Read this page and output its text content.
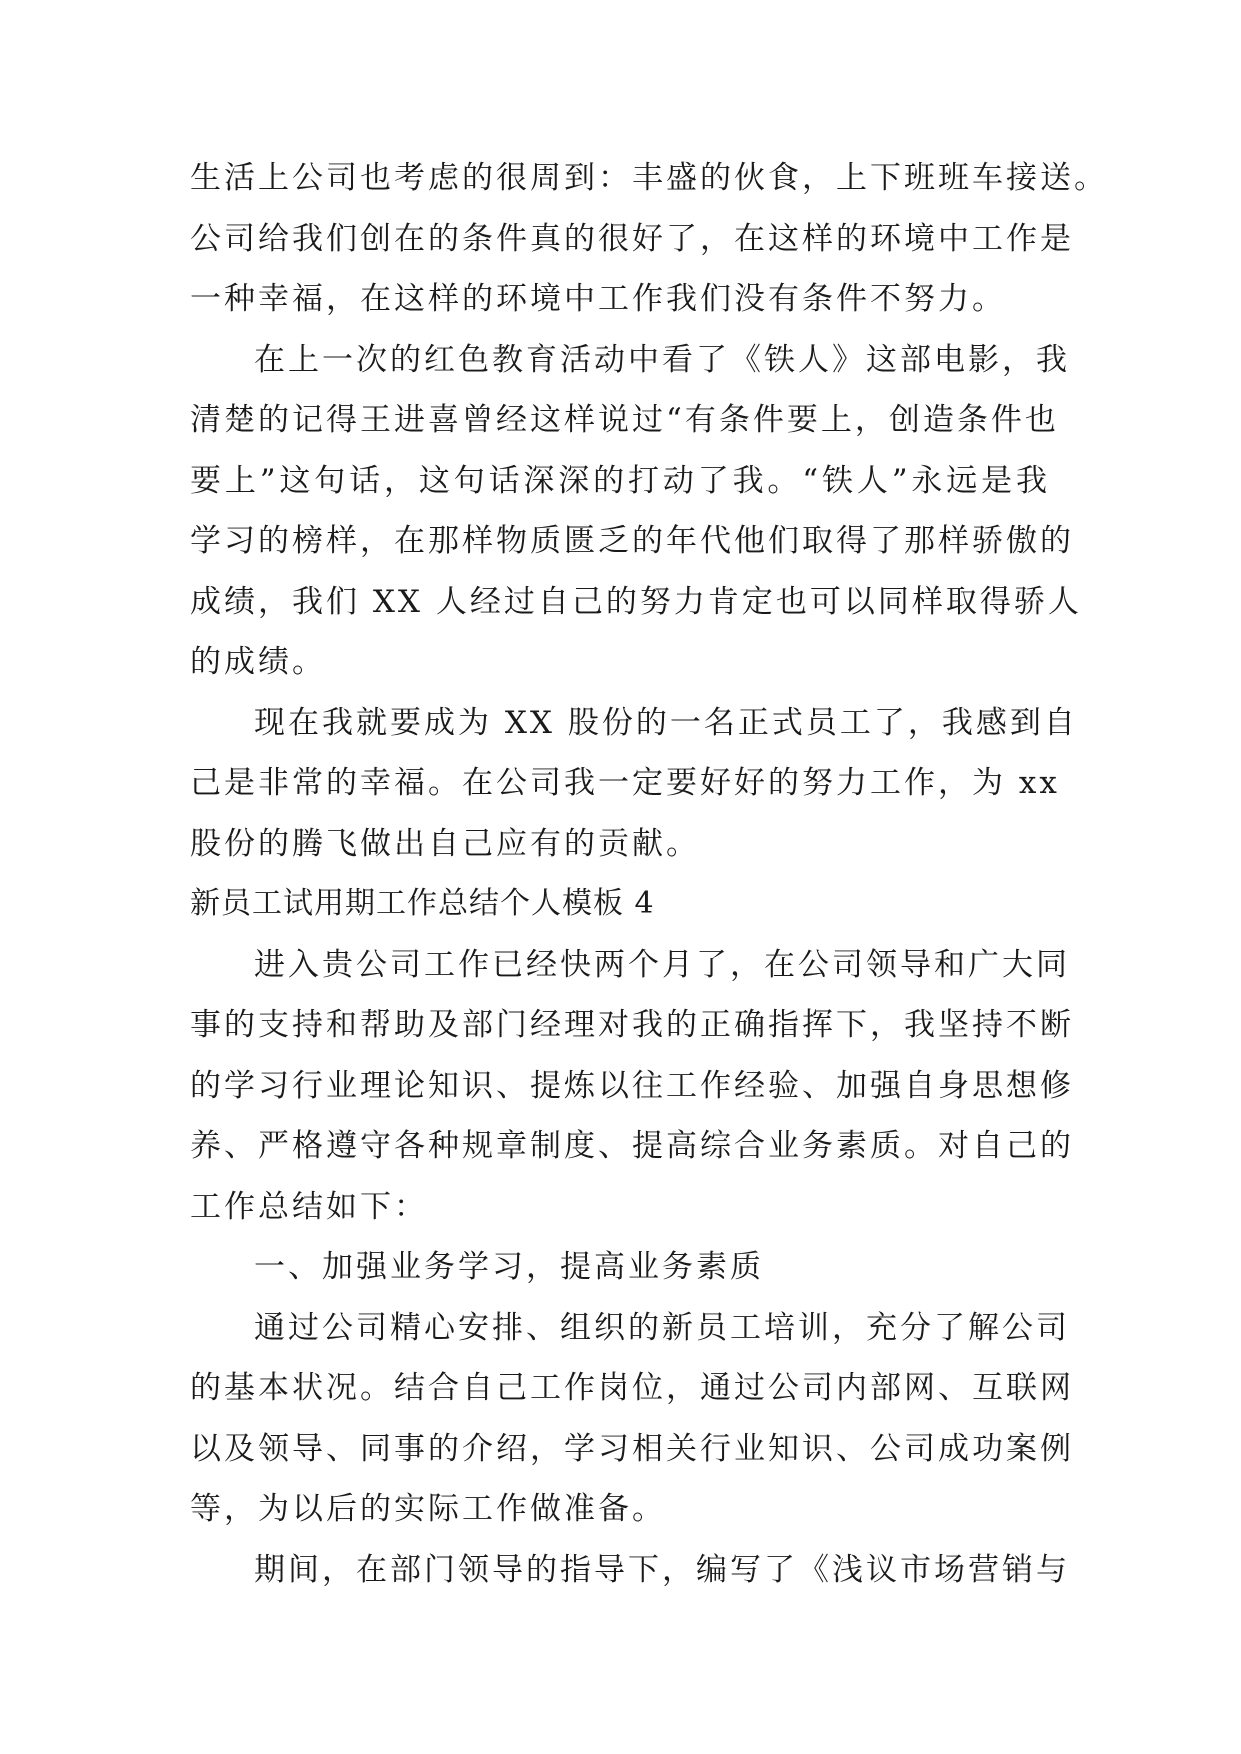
生活上公司也考虑的很周到：丰盛的伙食，上下班班车接送。
公司给我们创在的条件真的很好了，在这样的环境中工作是
一种幸福，在这样的环境中工作我们没有条件不努力。
在上一次的红色教育活动中看了《铁人》这部电影，我
清楚的记得王进喜曾经这样说过“有条件要上，创造条件也
要上”这句话，这句话深深的打动了我。“铁人”永远是我
学习的榜样，在那样物质匮乏的年代他们取得了那样骄傲的
成绩，我们 XX 人经过自己的努力肯定也可以同样取得骄人
的成绩。
现在我就要成为 XX 股份的一名正式员工了，我感到自
己是非常的幸福。在公司我一定要好好的努力工作，为 xx
股份的腾飞做出自己应有的贡献。
新员工试用期工作总结个人模板 4
进入贵公司工作已经快两个月了，在公司领导和广大同
事的支持和帮助及部门经理对我的正确指挥下，我坚持不断
的学习行业理论知识、提炼以往工作经验、加强自身思想修
养、严格遵守各种规章制度、提高综合业务素质。对自己的
工作总结如下：
一、加强业务学习，提高业务素质
通过公司精心安排、组织的新员工培训，充分了解公司
的基本状况。结合自己工作岗位，通过公司内部网、互联网
以及领导、同事的介绍，学习相关行业知识、公司成功案例
等，为以后的实际工作做准备。
期间，在部门领导的指导下，编写了《浅议市场营销与
